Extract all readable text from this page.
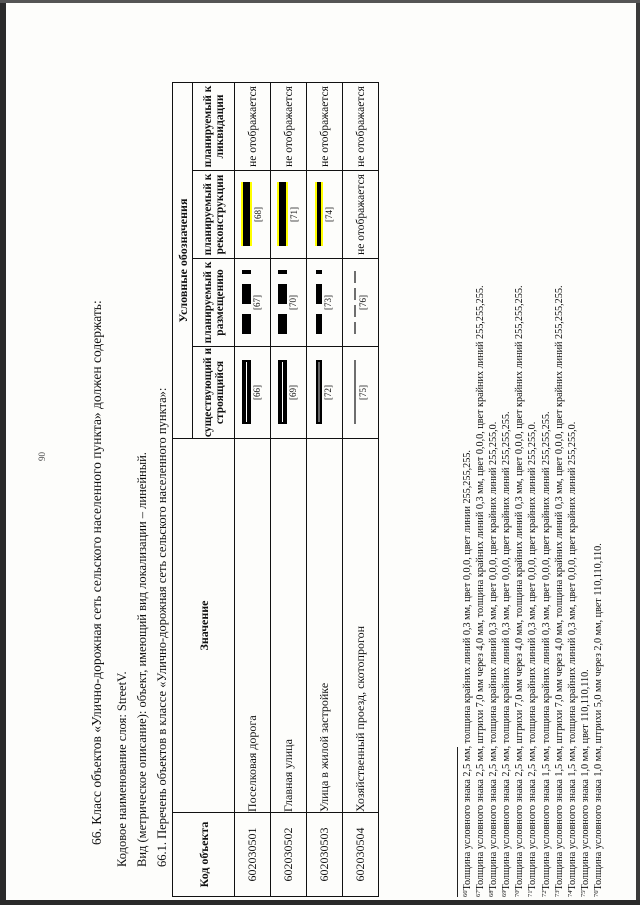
90	66. Класс объектов «Улично-дорожная сеть сельского населенного пункта» должен содержать: Кодовое наименование слоя: StreetV. Вид (метрическое описание): объект, имеющий вид локализации – линейный. 66.1. Перечень объектов в классе «Улично-дорожная сеть сельского населенного пункта»: Код объекта	Значение	Условные обозначения			
		существующий и строящийся	планируемый к размещению	планируемый к реконструкции	планируемый к ликвидации
602030501	Поселковая дорога	[66]	[67]	[68]	не отображается
602030502	Главная улица	[69]	[70]	[71]	не отображается
602030503	Улица в жилой застройке	[72]	[73]	[74]	не отображается
602030504	Хозяйственный проезд, скотопрогон	[75]	[76]	не отображается	не отображается
$^{66}$Толщина условного знака 2,5 мм, толщина крайних линий 0,3 мм, цвет 0,0,0, цвет линии 255,255,255.
$^{67}$Толщина условного знака 2,5 мм, штрихи 7,0 мм через 4,0 мм, толщина крайних линий 0,3 мм, цвет 0,0,0, цвет крайних линий 255,255,255.
$^{68}$Толщина условного знака 2,5 мм, толщина крайних линий 0,3 мм, цвет 0,0,0, цвет крайних линий 255,255,0.
$^{69}$Толщина условного знака 2,5 мм, толщина крайних линий 0,3 мм, цвет 0,0,0, цвет крайних линий 255,255,255.
$^{70}$Толщина условного знака 2,5 мм, штрихи 7,0 мм через 4,0 мм, толщина крайних линий 0,3 мм, цвет 0,0,0, цвет крайних линий 255,255,255.
$^{71}$Толщина условного знака 2,5 мм, толщина крайних линий 0,3 мм, цвет 0,0,0, цвет крайних линий 255,255,0.
$^{72}$Толщина условного знака 1,5 мм, толщина крайних линий 0,3 мм, цвет 0,0,0, цвет крайних линий 255,255,255.
$^{73}$Толщина условного знака 1,5 мм, штрихи 7,0 мм через 4,0 мм, толщина крайних линий 0,3 мм, цвет 0,0,0, цвет крайних линий 255,255,255.
$^{74}$Толщина условного знака 1,5 мм, толщина крайних линий 0,3 мм, цвет 0,0,0, цвет крайних линий 255,255,0.
$^{75}$Толщина условного знака 1,0 мм, цвет 110,110,110.
$^{76}$Толщина условного знака 1,0 мм, штрихи 5,0 мм через 2,0 мм, цвет 110,110,110.
